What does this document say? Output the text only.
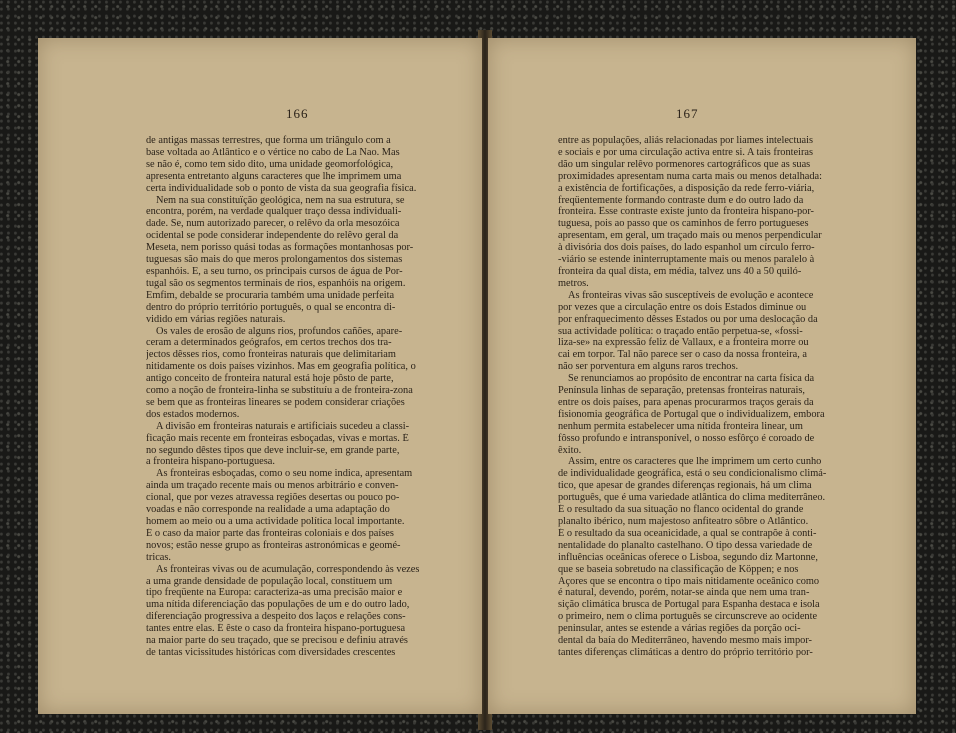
166
de antigas massas terrestres, que forma um triângulo com a
base voltada ao Atlântico e o vértice no cabo de La Nao. Mas
se não é, como tem sido dito, uma unidade geomorfológica,
apresenta entretanto alguns caracteres que lhe imprimem uma
certa individualidade sob o ponto de vista da sua geografia física.
Nem na sua constituïção geológica, nem na sua estrutura, se
encontra, porém, na verdade qualquer traço dessa individuali-
dade. Se, num autorizado parecer, o relêvo da orla mesozóica
ocidental se pode considerar independente do relêvo geral da
Meseta, nem porisso quási todas as formações montanhosas por-
tuguesas são mais do que meros prolongamentos dos sistemas
espanhóis. E, a seu turno, os principais cursos de água de Por-
tugal são os segmentos terminais de rios, espanhóis na origem.
Emfim, debalde se procuraria também uma unidade perfeita
dentro do próprio território português, o qual se encontra di-
vidido em várias regiões naturais.
Os vales de erosão de alguns rios, profundos cañões, apare-
ceram a determinados geógrafos, em certos trechos dos tra-
jectos dêsses rios, como fronteiras naturais que delimitariam
nitidamente os dois países vizinhos. Mas em geografia política, o
antigo conceito de fronteira natural está hoje pôsto de parte,
como a noção de fronteira-linha se substituíu a de fronteira-zona
se bem que as fronteiras lineares se podem considerar criações
dos estados modernos.
A divisão em fronteiras naturais e artificiais sucedeu a classi-
ficação mais recente em fronteiras esboçadas, vivas e mortas. É
no segundo dêstes tipos que deve incluir-se, em grande parte,
a fronteira hispano-portuguesa.
As fronteiras esboçadas, como o seu nome indica, apresentam
ainda um traçado recente mais ou menos arbitrário e conven-
cional, que por vezes atravessa regiões desertas ou pouco po-
voadas e não corresponde na realidade a uma adaptação do
homem ao meio ou a uma actividade política local importante.
É o caso da maior parte das fronteiras coloniais e dos países
novos; estão nesse grupo as fronteiras astronómicas e geomé-
tricas.
As fronteiras vivas ou de acumulação, correspondendo às vezes
a uma grande densidade de população local, constituem um
tipo freqüente na Europa: caracteriza-as uma precisão maior e
uma nítida diferenciação das populações de um e do outro lado,
diferenciação progressiva a despeito dos laços e relações cons-
tantes entre elas. É êste o caso da fronteira hispano-portuguesa
na maior parte do seu traçado, que se precisou e definiu através
de tantas vicissitudes históricas com diversidades crescentes
167
entre as populações, aliás relacionadas por liames intelectuais
e sociais e por uma circulação activa entre si. A tais fronteiras
dão um singular relêvo pormenores cartográficos que as suas
proximidades apresentam numa carta mais ou menos detalhada:
a existência de fortificações, a disposição da rede ferro-viária,
freqüentemente formando contraste dum e do outro lado da
fronteira. Êsse contraste existe junto da fronteira hispano-por-
tuguesa, pois ao passo que os caminhos de ferro portugueses
apresentam, em geral, um traçado mais ou menos perpendicular
à divisória dos dois países, do lado espanhol um círculo ferro-
-viário se estende ininterruptamente mais ou menos paralelo à
fronteira da qual dista, em média, talvez uns 40 a 50 quiló-
metros.
As fronteiras vivas são susceptíveis de evolução e acontece
por vezes que a circulação entre os dois Estados diminue ou
por enfraquecimento dêsses Estados ou por uma deslocação da
sua actividade política: o traçado então perpetua-se, «fossi-
liza-se» na expressão feliz de Vallaux, e a fronteira morre ou
cai em torpor. Tal não parece ser o caso da nossa fronteira, a
não ser porventura em alguns raros trechos.
Se renunciamos ao propósito de encontrar na carta física da
Península linhas de separação, pretensas fronteiras naturais,
entre os dois países, para apenas procurarmos traços gerais da
fisionomia geográfica de Portugal que o individualizem, embora
nenhum permita estabelecer uma nítida fronteira linear, um
fôsso profundo e intransponível, o nosso esfôrço é coroado de
êxito.
Assim, entre os caracteres que lhe imprimem um certo cunho
de individualidade geográfica, está o seu condicionalismo climá-
tico, que apesar de grandes diferenças regionais, há um clima
português, que é uma variedade atlântica do clima mediterrâneo.
É o resultado da sua situação no flanco ocidental do grande
planalto ibérico, num majestoso anfiteatro sôbre o Atlântico.
É o resultado da sua oceanicidade, a qual se contrapõe à conti-
nentalidade do planalto castelhano. O tipo dessa variedade de
influências oceânicas oferece o Lisboa, segundo diz Martonne,
que se baseia sobretudo na classificação de Köppen; e nos
Açores que se encontra o tipo mais nitidamente oceânico como
é natural, devendo, porém, notar-se ainda que nem uma tran-
sição climática brusca de Portugal para Espanha destaca e isola
o primeiro, nem o clima português se circunscreve ao ocidente
peninsular, antes se estende a várias regiões da porção oci-
dental da baía do Mediterrâneo, havendo mesmo mais impor-
tantes diferenças climáticas a dentro do próprio território por-
